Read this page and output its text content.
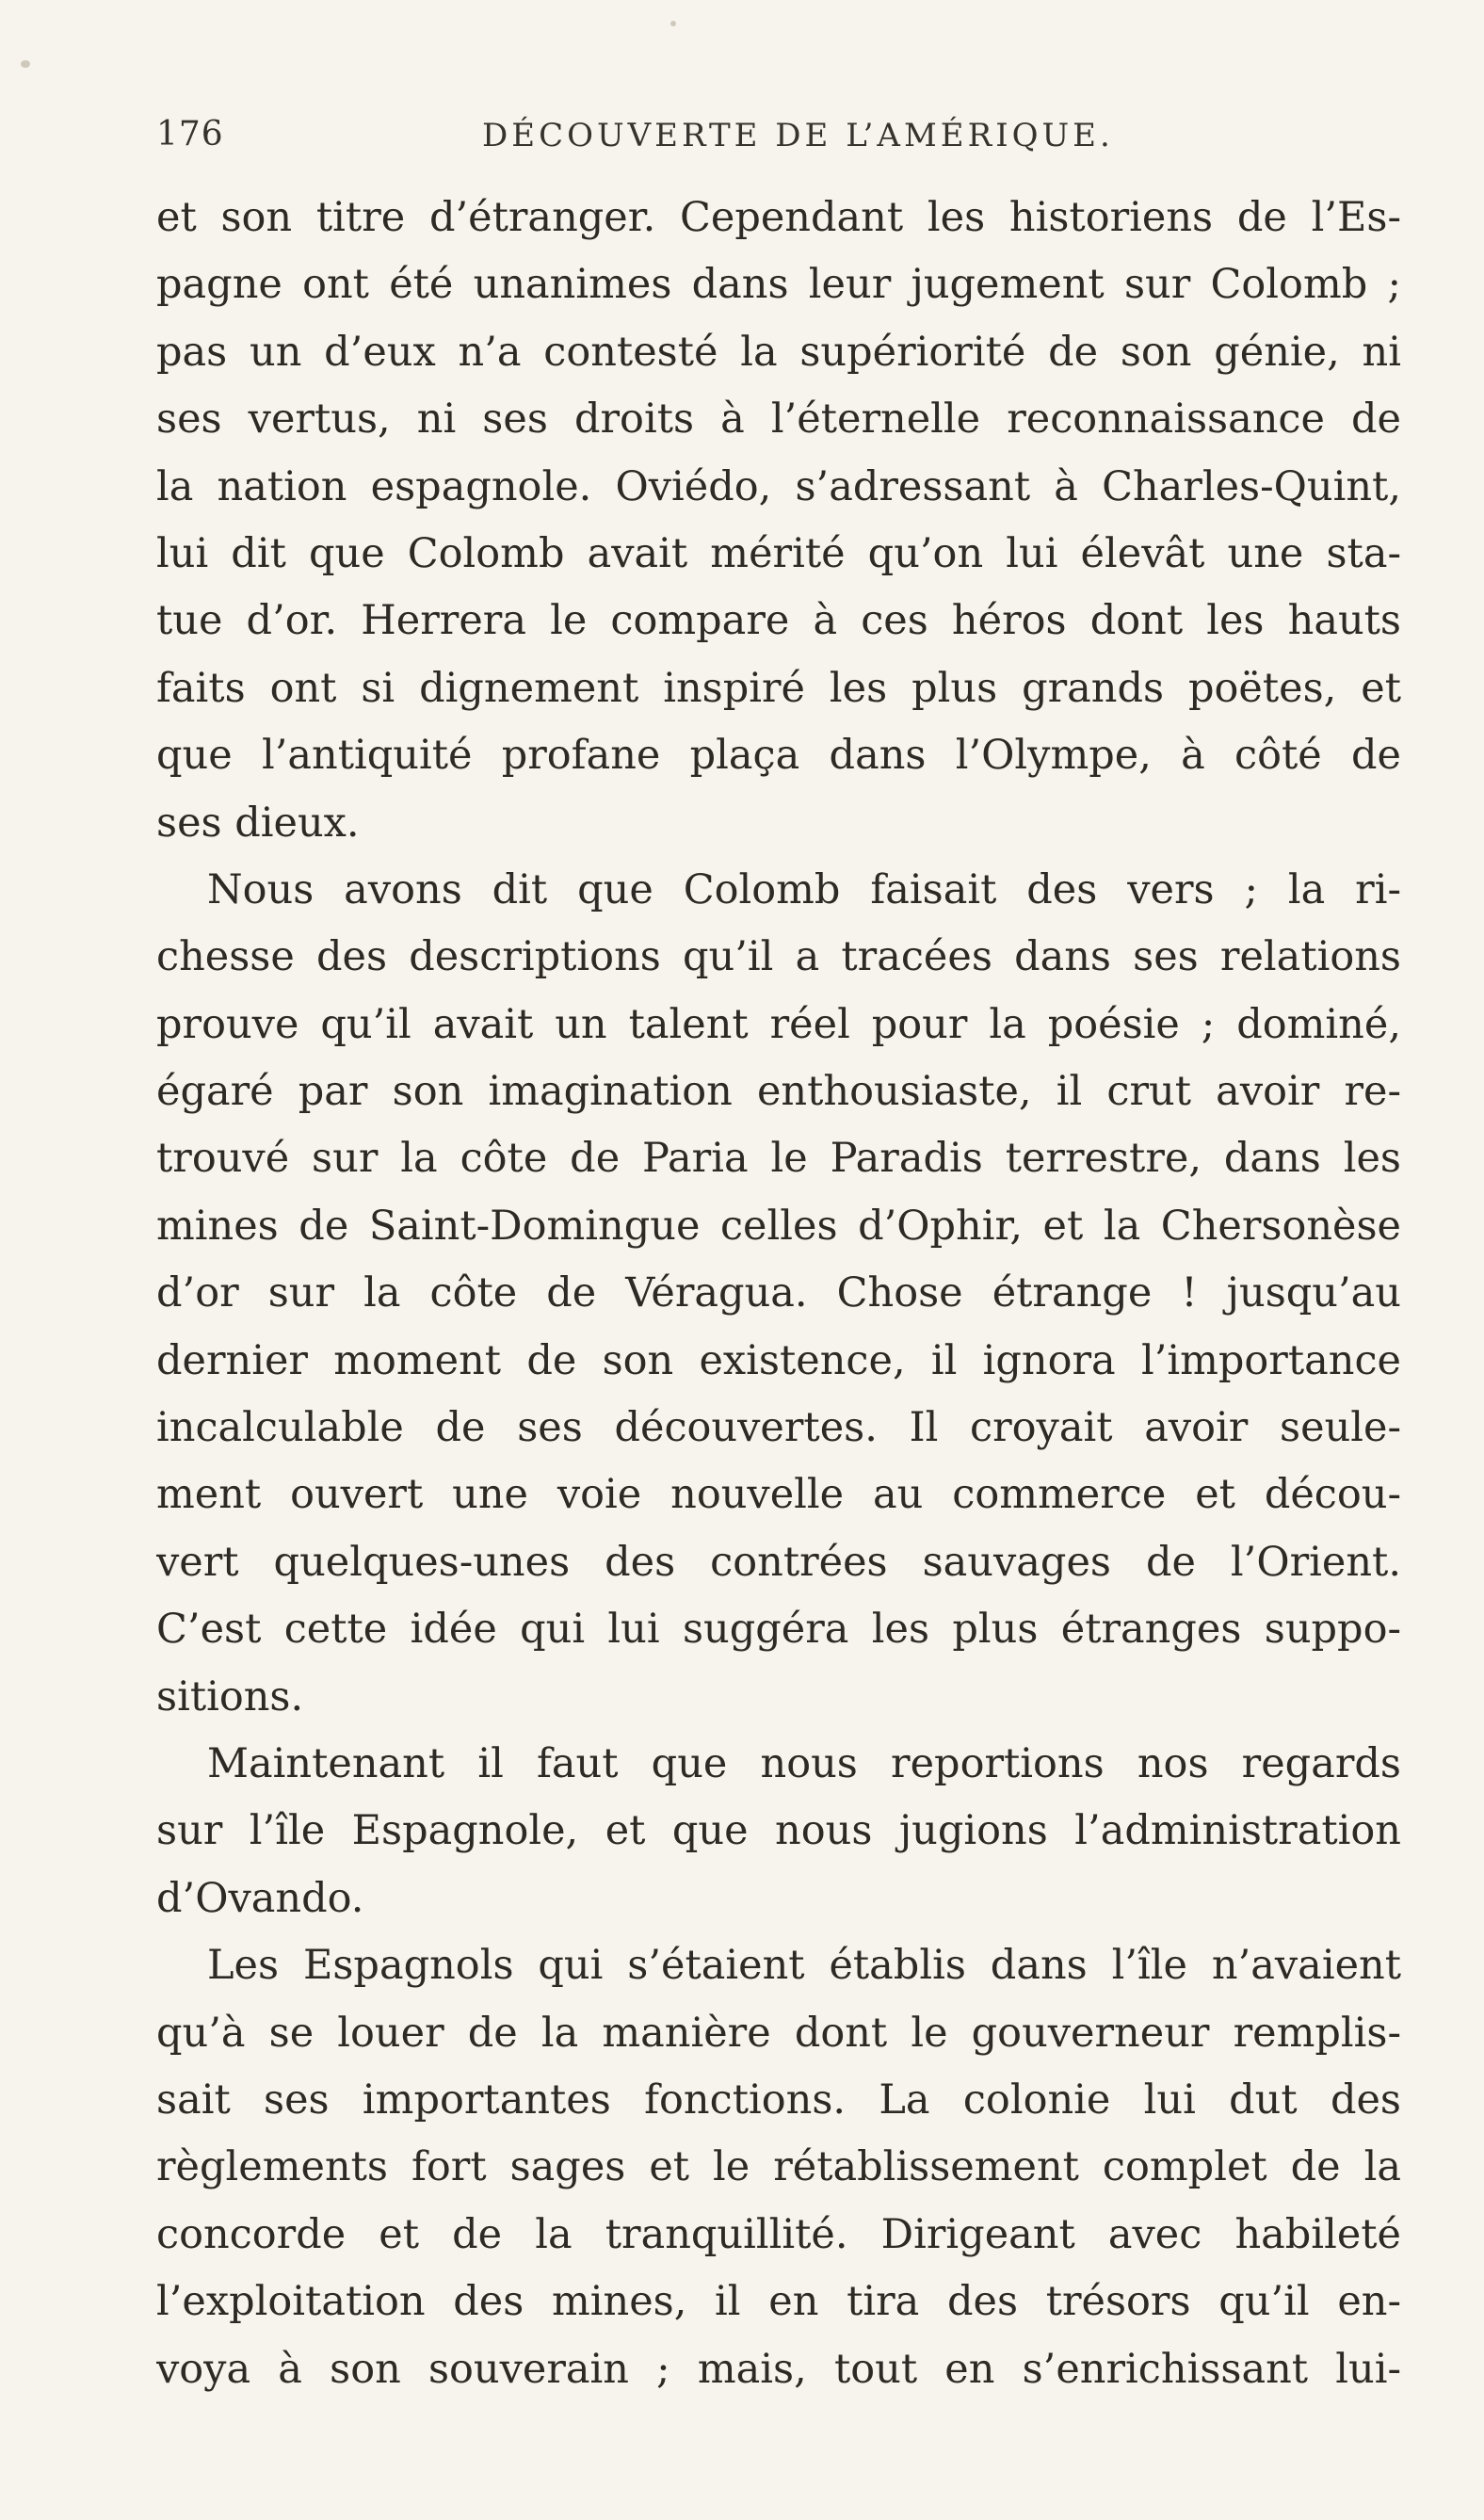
176	DÉCOUVERTE DE L’AMÉRIQUE.
et son titre d’étranger. Cependant les historiens de l’Es-
pagne ont été unanimes dans leur jugement sur Colomb ;
pas un d’eux n’a contesté la supériorité de son génie, ni
ses vertus, ni ses droits à l’éternelle reconnaissance de
la nation espagnole. Oviédo, s’adressant à Charles-Quint,
lui dit que Colomb avait mérité qu’on lui élevât une sta-
tue d’or. Herrera le compare à ces héros dont les hauts
faits ont si dignement inspiré les plus grands poëtes, et
que l’antiquité profane plaça dans l’Olympe, à côté de
ses dieux.
Nous avons dit que Colomb faisait des vers ; la ri-
chesse des descriptions qu’il a tracées dans ses relations
prouve qu’il avait un talent réel pour la poésie ; dominé,
égaré par son imagination enthousiaste, il crut avoir re-
trouvé sur la côte de Paria le Paradis terrestre, dans les
mines de Saint-Domingue celles d’Ophir, et la Chersonèse
d’or sur la côte de Véragua. Chose étrange ! jusqu’au
dernier moment de son existence, il ignora l’importance
incalculable de ses découvertes. Il croyait avoir seule-
ment ouvert une voie nouvelle au commerce et décou-
vert quelques-unes des contrées sauvages de l’Orient.
C’est cette idée qui lui suggéra les plus étranges suppo-
sitions.
Maintenant il faut que nous reportions nos regards
sur l’île Espagnole, et que nous jugions l’administration
d’Ovando.
Les Espagnols qui s’étaient établis dans l’île n’avaient
qu’à se louer de la manière dont le gouverneur remplis-
sait ses importantes fonctions. La colonie lui dut des
règlements fort sages et le rétablissement complet de la
concorde et de la tranquillité. Dirigeant avec habileté
l’exploitation des mines, il en tira des trésors qu’il en-
voya à son souverain ; mais, tout en s’enrichissant lui-
